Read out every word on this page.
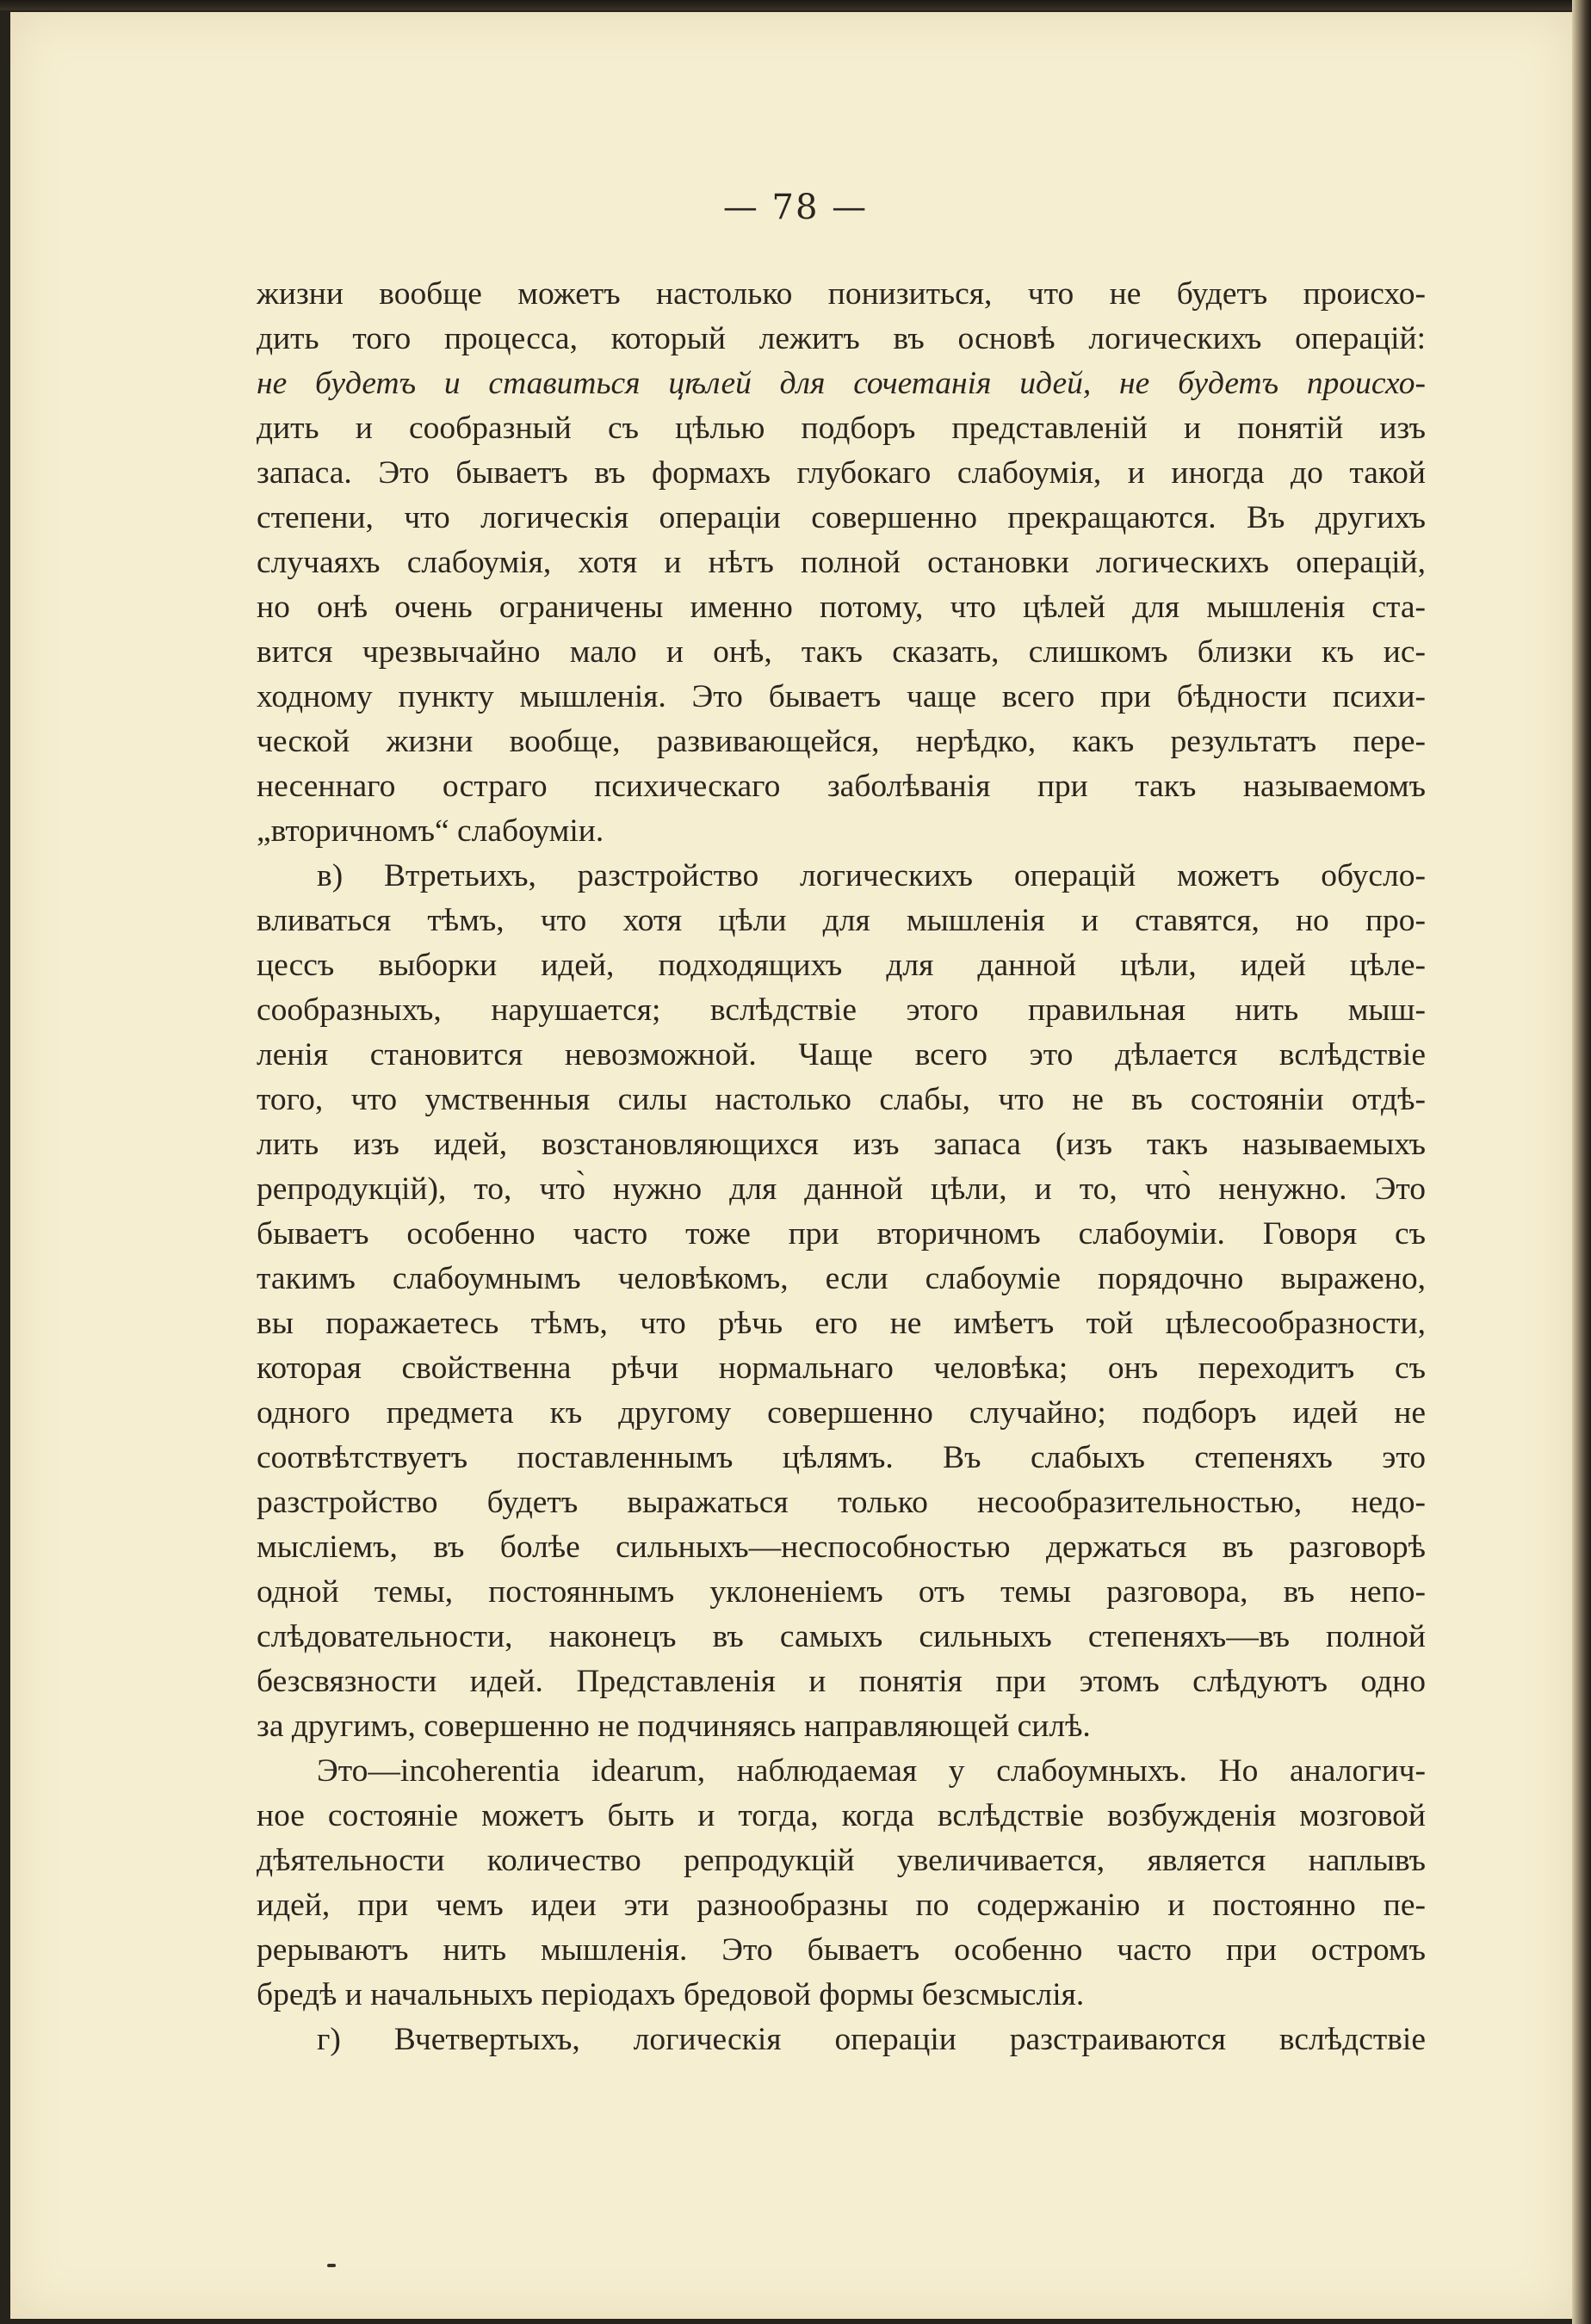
— 78 —
жизни вообще можетъ настолько понизиться, что не будетъ происхо-
дить того процесса, который лежитъ въ основѣ логическихъ операцій:
не будетъ и ставиться цѣлей для сочетанія идей, не будетъ происхо-
дить и сообразный съ цѣлью подборъ представленій и понятій изъ
запаса. Это бываетъ въ формахъ глубокаго слабоумія, и иногда до такой
степени, что логическія операціи совершенно прекращаются. Въ другихъ
случаяхъ слабоумія, хотя и нѣтъ полной остановки логическихъ операцій,
но онѣ очень ограничены именно потому, что цѣлей для мышленія ста-
вится чрезвычайно мало и онѣ, такъ сказать, слишкомъ близки къ ис-
ходному пункту мышленія. Это бываетъ чаще всего при бѣдности психи-
ческой жизни вообще, развивающейся, нерѣдко, какъ результатъ пере-
несеннаго остраго психическаго заболѣванія при такъ называемомъ
„вторичномъ“ слабоуміи.
в) Втретьихъ, разстройство логическихъ операцій можетъ обусло-
вливаться тѣмъ, что хотя цѣли для мышленія и ставятся, но про-
цессъ выборки идей, подходящихъ для данной цѣли, идей цѣле-
сообразныхъ, нарушается; вслѣдствіе этого правильная нить мыш-
ленія становится невозможной. Чаще всего это дѣлается вслѣдствіе
того, что умственныя силы настолько слабы, что не въ состояніи отдѣ-
лить изъ идей, возстановляющихся изъ запаса (изъ такъ называемыхъ
репродукцій), то, что̀ нужно для данной цѣли, и то, что̀ ненужно. Это
бываетъ особенно часто тоже при вторичномъ слабоуміи. Говоря съ
такимъ слабоумнымъ человѣкомъ, если слабоуміе порядочно выражено,
вы поражаетесь тѣмъ, что рѣчь его не имѣетъ той цѣлесообразности,
которая свойственна рѣчи нормальнаго человѣка; онъ переходитъ съ
одного предмета къ другому совершенно случайно; подборъ идей не
соотвѣтствуетъ поставленнымъ цѣлямъ. Въ слабыхъ степеняхъ это
разстройство будетъ выражаться только несообразительностью, недо-
мысліемъ, въ болѣе сильныхъ—неспособностью держаться въ разговорѣ
одной темы, постояннымъ уклоненіемъ отъ темы разговора, въ непо-
слѣдовательности, наконецъ въ самыхъ сильныхъ степеняхъ—въ полной
безсвязности идей. Представленія и понятія при этомъ слѣдуютъ одно
за другимъ, совершенно не подчиняясь направляющей силѣ.
Это—incoherentia idearum, наблюдаемая у слабоумныхъ. Но аналогич-
ное состояніе можетъ быть и тогда, когда вслѣдствіе возбужденія мозговой
дѣятельности количество репродукцій увеличивается, является наплывъ
идей, при чемъ идеи эти разнообразны по содержанію и постоянно пе-
рерываютъ нить мышленія. Это бываетъ особенно часто при остромъ
бредѣ и начальныхъ періодахъ бредовой формы безсмыслія.
г) Вчетвертыхъ, логическія операціи разстраиваются вслѣдствіе
